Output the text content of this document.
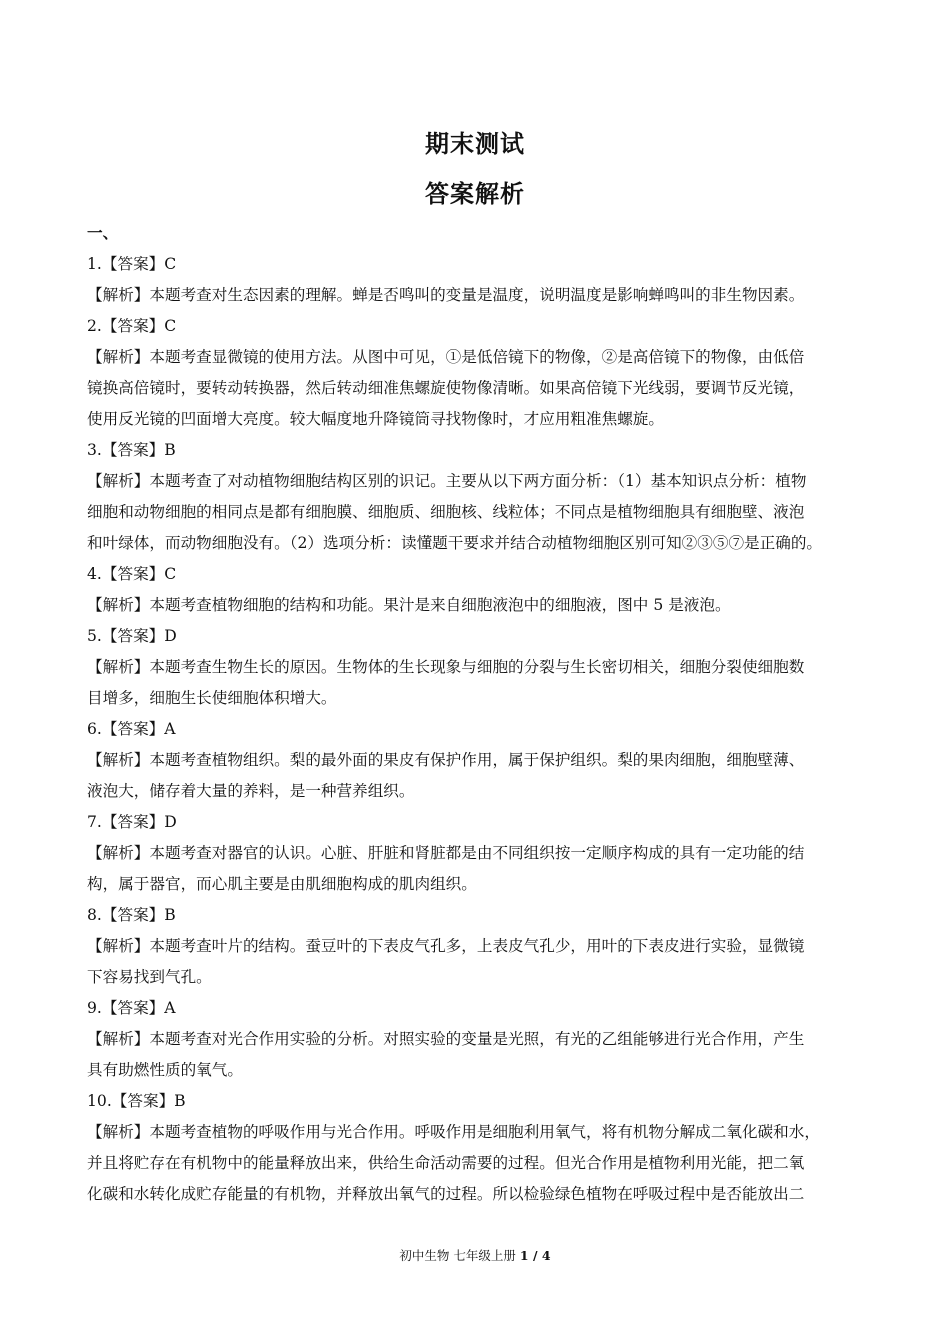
期末测试
答案解析
一、
1.【答案】C
【解析】本题考查对生态因素的理解。蝉是否鸣叫的变量是温度，说明温度是影响蝉鸣叫的非生物因素。
2.【答案】C
【解析】本题考查显微镜的使用方法。从图中可见，①是低倍镜下的物像，②是高倍镜下的物像，由低倍
镜换高倍镜时，要转动转换器，然后转动细准焦螺旋使物像清晰。如果高倍镜下光线弱，要调节反光镜，
使用反光镜的凹面增大亮度。较大幅度地升降镜筒寻找物像时，才应用粗准焦螺旋。
3.【答案】B
【解析】本题考查了对动植物细胞结构区别的识记。主要从以下两方面分析：（1）基本知识点分析：植物
细胞和动物细胞的相同点是都有细胞膜、细胞质、细胞核、线粒体；不同点是植物细胞具有细胞壁、液泡
和叶绿体，而动物细胞没有。（2）选项分析：读懂题干要求并结合动植物细胞区别可知②③⑤⑦是正确的。
4.【答案】C
【解析】本题考查植物细胞的结构和功能。果汁是来自细胞液泡中的细胞液，图中 5 是液泡。
5.【答案】D
【解析】本题考查生物生长的原因。生物体的生长现象与细胞的分裂与生长密切相关，细胞分裂使细胞数
目增多，细胞生长使细胞体积增大。
6.【答案】A
【解析】本题考查植物组织。梨的最外面的果皮有保护作用，属于保护组织。梨的果肉细胞，细胞壁薄、
液泡大，储存着大量的养料，是一种营养组织。
7.【答案】D
【解析】本题考查对器官的认识。心脏、肝脏和肾脏都是由不同组织按一定顺序构成的具有一定功能的结
构，属于器官，而心肌主要是由肌细胞构成的肌肉组织。
8.【答案】B
【解析】本题考查叶片的结构。蚕豆叶的下表皮气孔多，上表皮气孔少，用叶的下表皮进行实验，显微镜
下容易找到气孔。
9.【答案】A
【解析】本题考查对光合作用实验的分析。对照实验的变量是光照，有光的乙组能够进行光合作用，产生
具有助燃性质的氧气。
10.【答案】B
【解析】本题考查植物的呼吸作用与光合作用。呼吸作用是细胞利用氧气，将有机物分解成二氧化碳和水，
并且将贮存在有机物中的能量释放出来，供给生命活动需要的过程。但光合作用是植物利用光能，把二氧
化碳和水转化成贮存能量的有机物，并释放出氧气的过程。所以检验绿色植物在呼吸过程中是否能放出二
初中生物 七年级上册 1 / 4
